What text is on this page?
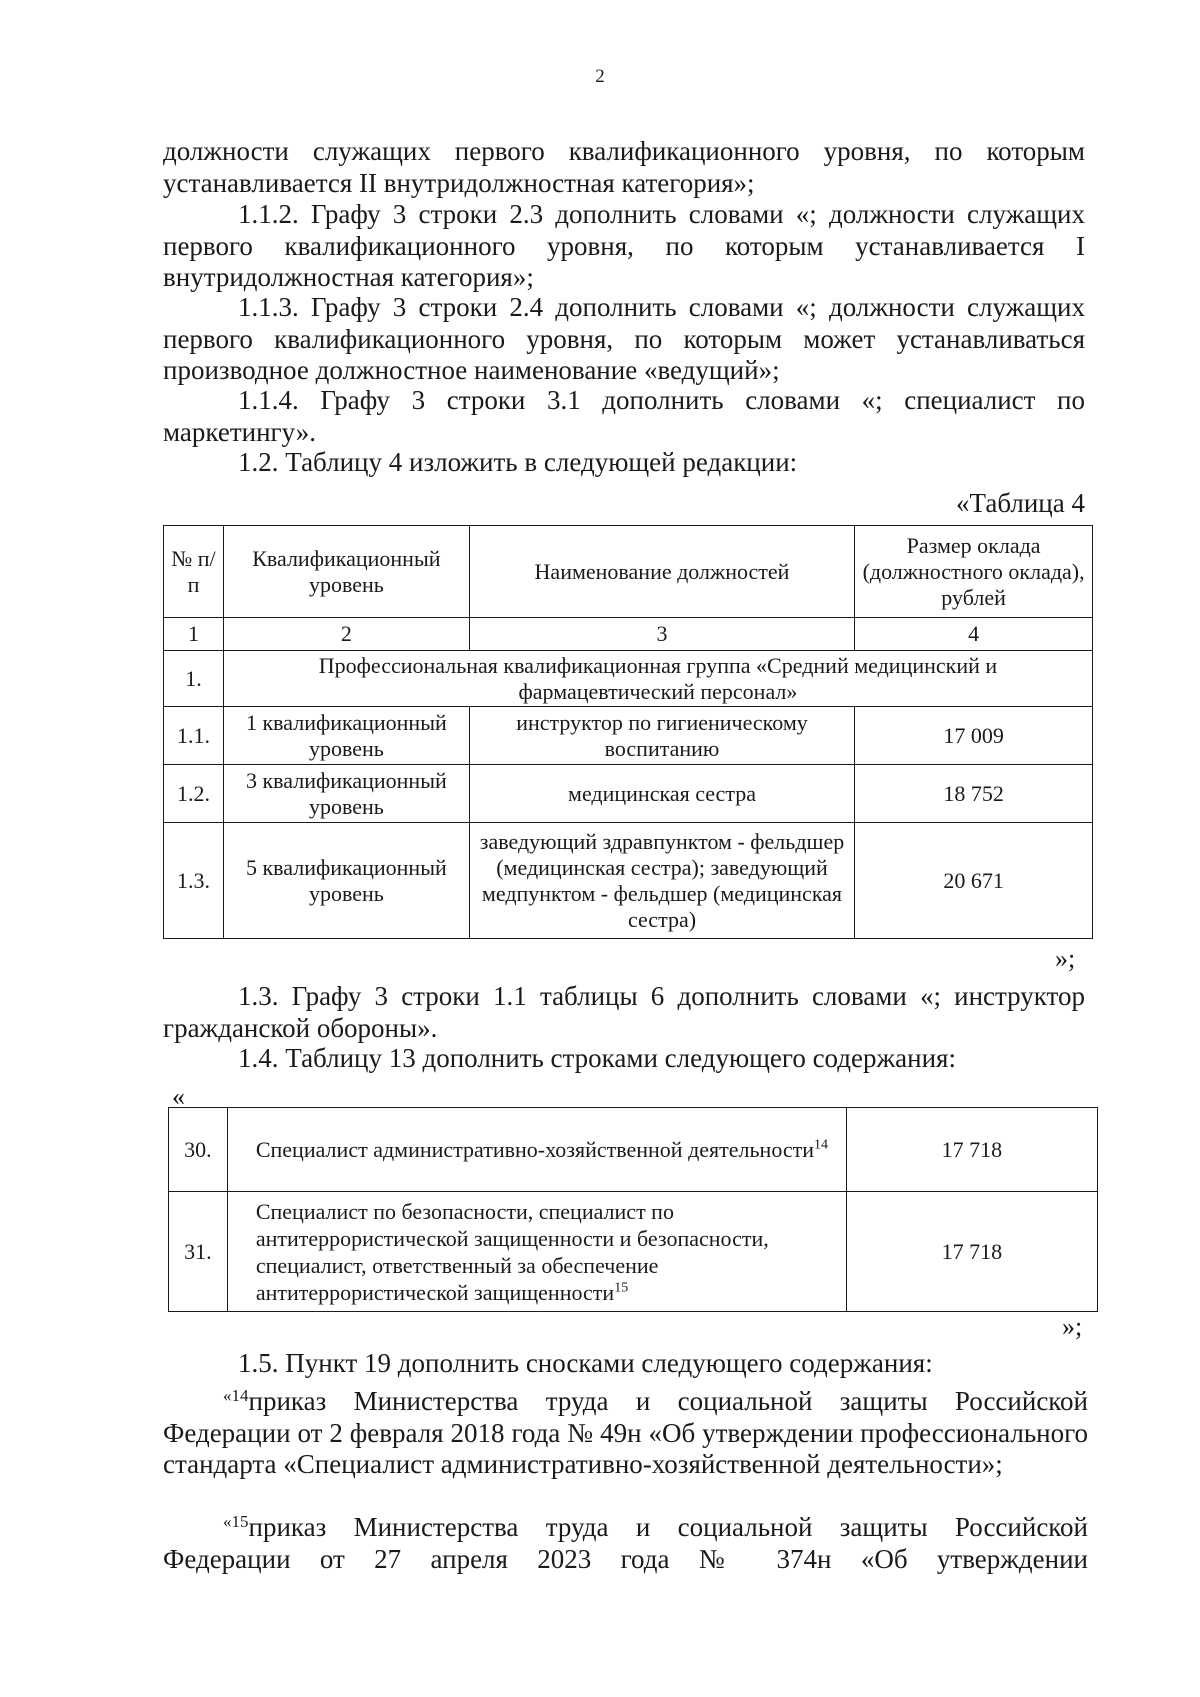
2

должности служащих первого квалификационного уровня, по которым устанавливается II внутридолжностная категория»;

1.1.2. Графу 3 строки 2.3 дополнить словами «; должности служащих первого квалификационного уровня, по которым устанавливается I внутридолжностная категория»;

1.1.3. Графу 3 строки 2.4 дополнить словами «; должности служащих первого квалификационного уровня, по которым может устанавливаться производное должностное наименование «ведущий»;

1.1.4. Графу 3 строки 3.1 дополнить словами «; специалист по маркетингу».

1.2. Таблицу 4 изложить в следующей редакции:

«Таблица 4
№ п/п	Квалификационный уровень	Наименование должностей	Размер оклада (должностного оклада), рублей
1	2	3	4
1.	Профессиональная квалификационная группа «Средний медицинский и фармацевтический персонал»		
1.1.	1 квалификационный уровень	инструктор по гигиеническому воспитанию	17 009
1.2.	3 квалификационный уровень	медицинская сестра	18 752
1.3.	5 квалификационный уровень	заведующий здравпунктом - фельдшер (медицинская сестра); заведующий медпунктом - фельдшер (медицинская сестра)	20 671
»;

1.3. Графу 3 строки 1.1 таблицы 6 дополнить словами «; инструктор гражданской обороны».

1.4. Таблицу 13 дополнить строками следующего содержания:

«
30.	Специалист административно-хозяйственной деятельности$^{14}$	17 718
31.	Специалист по безопасности, специалист по антитеррористической защищенности и безопасности, специалист, ответственный за обеспечение антитеррористической защищенности$^{15}$	17 718
»;

1.5. Пункт 19 дополнить сносками следующего содержания:

$^{«14}$приказ Министерства труда и социальной защиты Российской Федерации от 2 февраля 2018 года № 49н «Об утверждении профессионального стандарта «Специалист административно-хозяйственной деятельности»;

$^{«15}$приказ Министерства труда и социальной защиты Российской Федерации от 27 апреля 2023 года № 374н «Об утверждении
